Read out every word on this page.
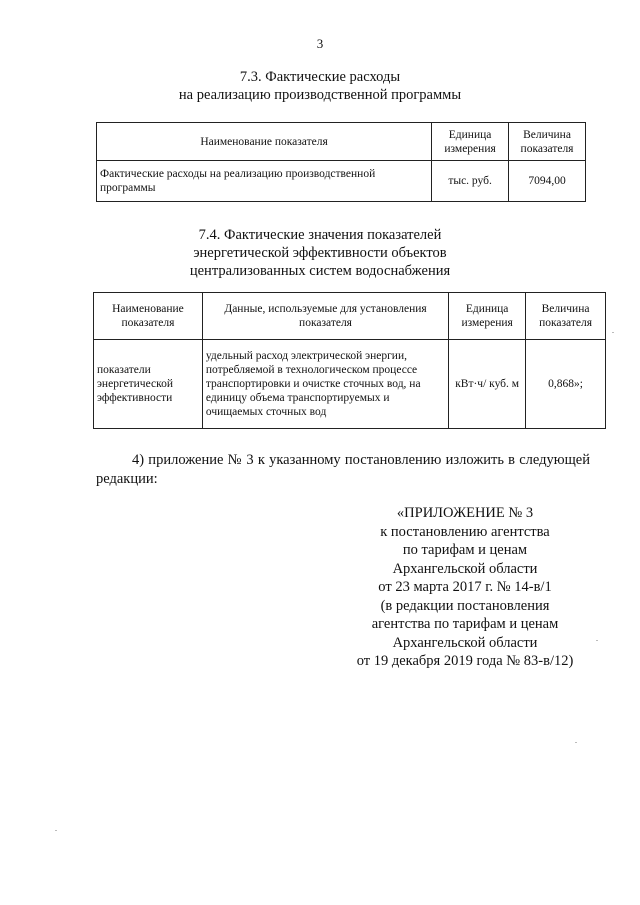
3
7.3. Фактические расходы
на реализацию производственной программы
Наименование показателя	Единица измерения	Величина показателя
Фактические расходы на реализацию производственной программы	тыс. руб.	7094,00
7.4. Фактические значения показателей
энергетической эффективности объектов
централизованных систем водоснабжения
Наименование показателя	Данные, используемые для установления показателя	Единица измерения	Величина показателя
показатели энергетической эффективности	удельный расход электрической энергии, потребляемой в технологическом процессе транспортировки и очистке сточных вод, на единицу объема транспортируемых и очищаемых сточных вод	кВт·ч/ куб. м	0,868»;
4) приложение № 3 к указанному постановлению изложить в следующей редакции:
«ПРИЛОЖЕНИЕ № 3
к постановлению агентства
по тарифам и ценам
Архангельской области
от 23 марта 2017 г. № 14-в/1
(в редакции постановления
агентства по тарифам и ценам
Архангельской области
от 19 декабря 2019 года № 83-в/12)
